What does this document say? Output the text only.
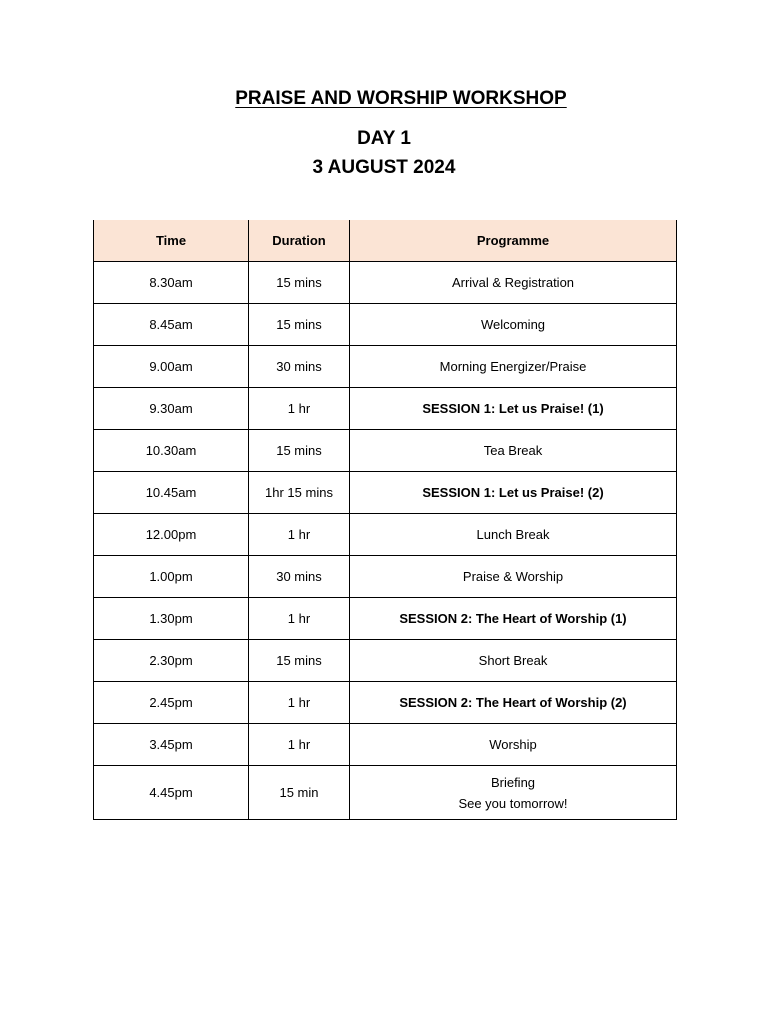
PRAISE AND WORSHIP WORKSHOP
DAY 1
3 AUGUST 2024
Time	Duration	Programme
8.30am	15 mins	Arrival & Registration
8.45am	15 mins	Welcoming
9.00am	30 mins	Morning Energizer/Praise
9.30am	1 hr	SESSION 1: Let us Praise! (1)
10.30am	15 mins	Tea Break
10.45am	1hr 15 mins	SESSION 1: Let us Praise! (2)
12.00pm	1 hr	Lunch Break
1.00pm	30 mins	Praise & Worship
1.30pm	1 hr	SESSION 2: The Heart of Worship (1)
2.30pm	15 mins	Short Break
2.45pm	1 hr	SESSION 2: The Heart of Worship (2)
3.45pm	1 hr	Worship
4.45pm	15 min	Briefing
See you tomorrow!
